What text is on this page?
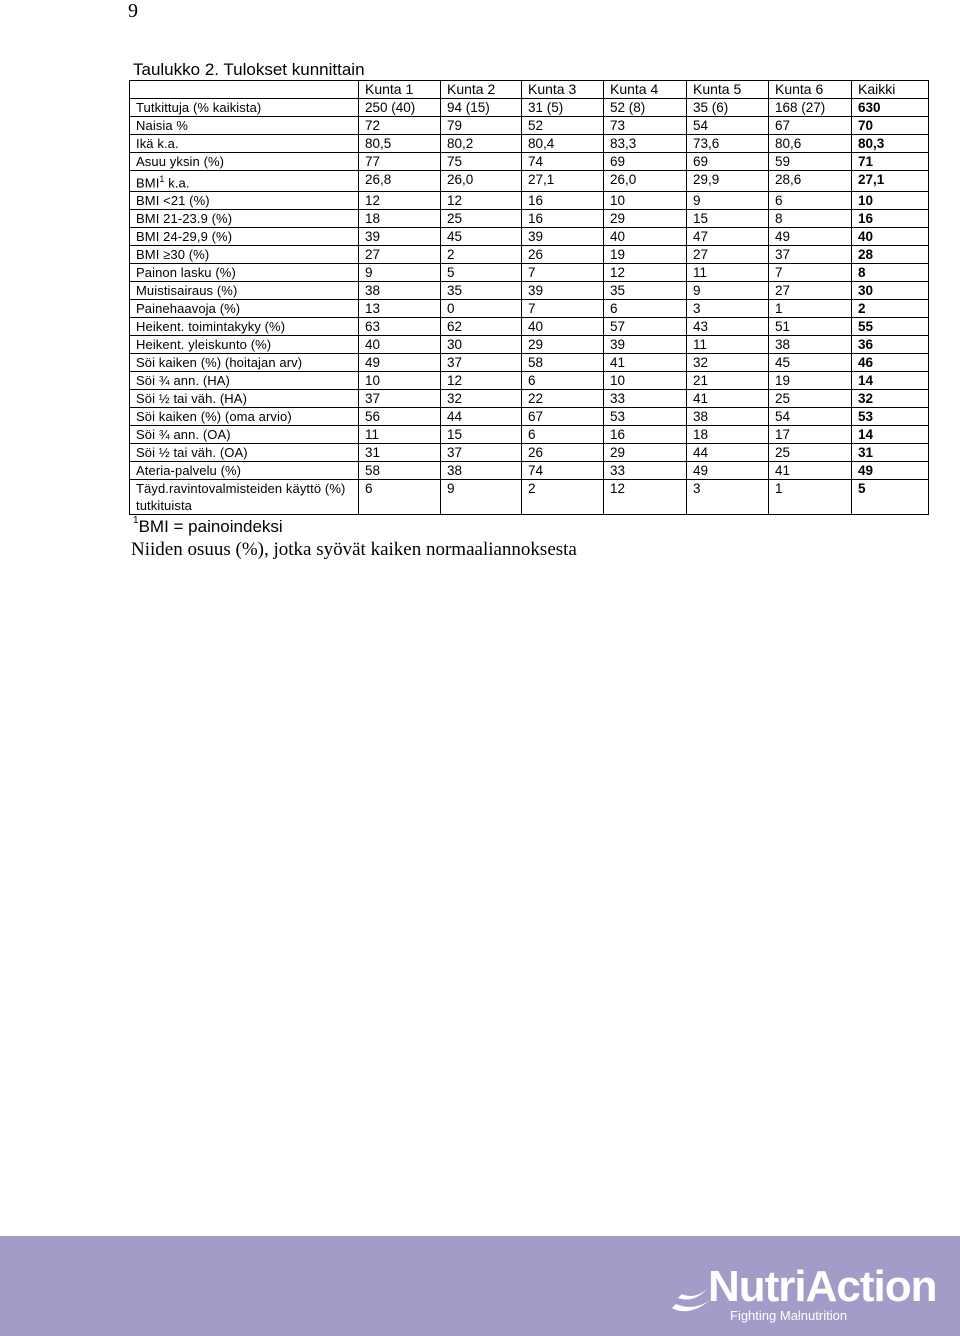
9
Taulukko 2. Tulokset kunnittain
	Kunta 1	Kunta 2	Kunta 3	Kunta 4	Kunta 5	Kunta 6	Kaikki
Tutkittuja (% kaikista)	250 (40)	94 (15)	31 (5)	52 (8)	35 (6)	168 (27)	630
Naisia %	72	79	52	73	54	67	70
Ikä k.a.	80,5	80,2	80,4	83,3	73,6	80,6	80,3
Asuu yksin (%)	77	75	74	69	69	59	71
BMI$^1$ k.a.	26,8	26,0	27,1	26,0	29,9	28,6	27,1
BMI <21 (%)	12	12	16	10	9	6	10
BMI 21-23.9 (%)	18	25	16	29	15	8	16
BMI 24-29,9 (%)	39	45	39	40	47	49	40
BMI ≥30 (%)	27	2	26	19	27	37	28
Painon lasku (%)	9	5	7	12	11	7	8
Muistisairaus (%)	38	35	39	35	9	27	30
Painehaavoja (%)	13	0	7	6	3	1	2
Heikent. toimintakyky (%)	63	62	40	57	43	51	55
Heikent. yleiskunto (%)	40	30	29	39	11	38	36
Söi kaiken (%) (hoitajan arv)	49	37	58	41	32	45	46
Söi ¾ ann. (HA)	10	12	6	10	21	19	14
Söi ½ tai väh. (HA)	37	32	22	33	41	25	32
Söi kaiken (%) (oma arvio)	56	44	67	53	38	54	53
Söi ¾ ann. (OA)	11	15	6	16	18	17	14
Söi ½ tai väh. (OA)	31	37	26	29	44	25	31
Ateria-palvelu (%)	58	38	74	33	49	41	49
Täyd.ravintovalmisteiden käyttö (%) tutkituista	6	9	2	12	3	1	5
$^1$BMI = painoindeksi
Niiden osuus (%), jotka syövät kaiken normaaliannoksesta
NutriAction
Fighting Malnutrition
